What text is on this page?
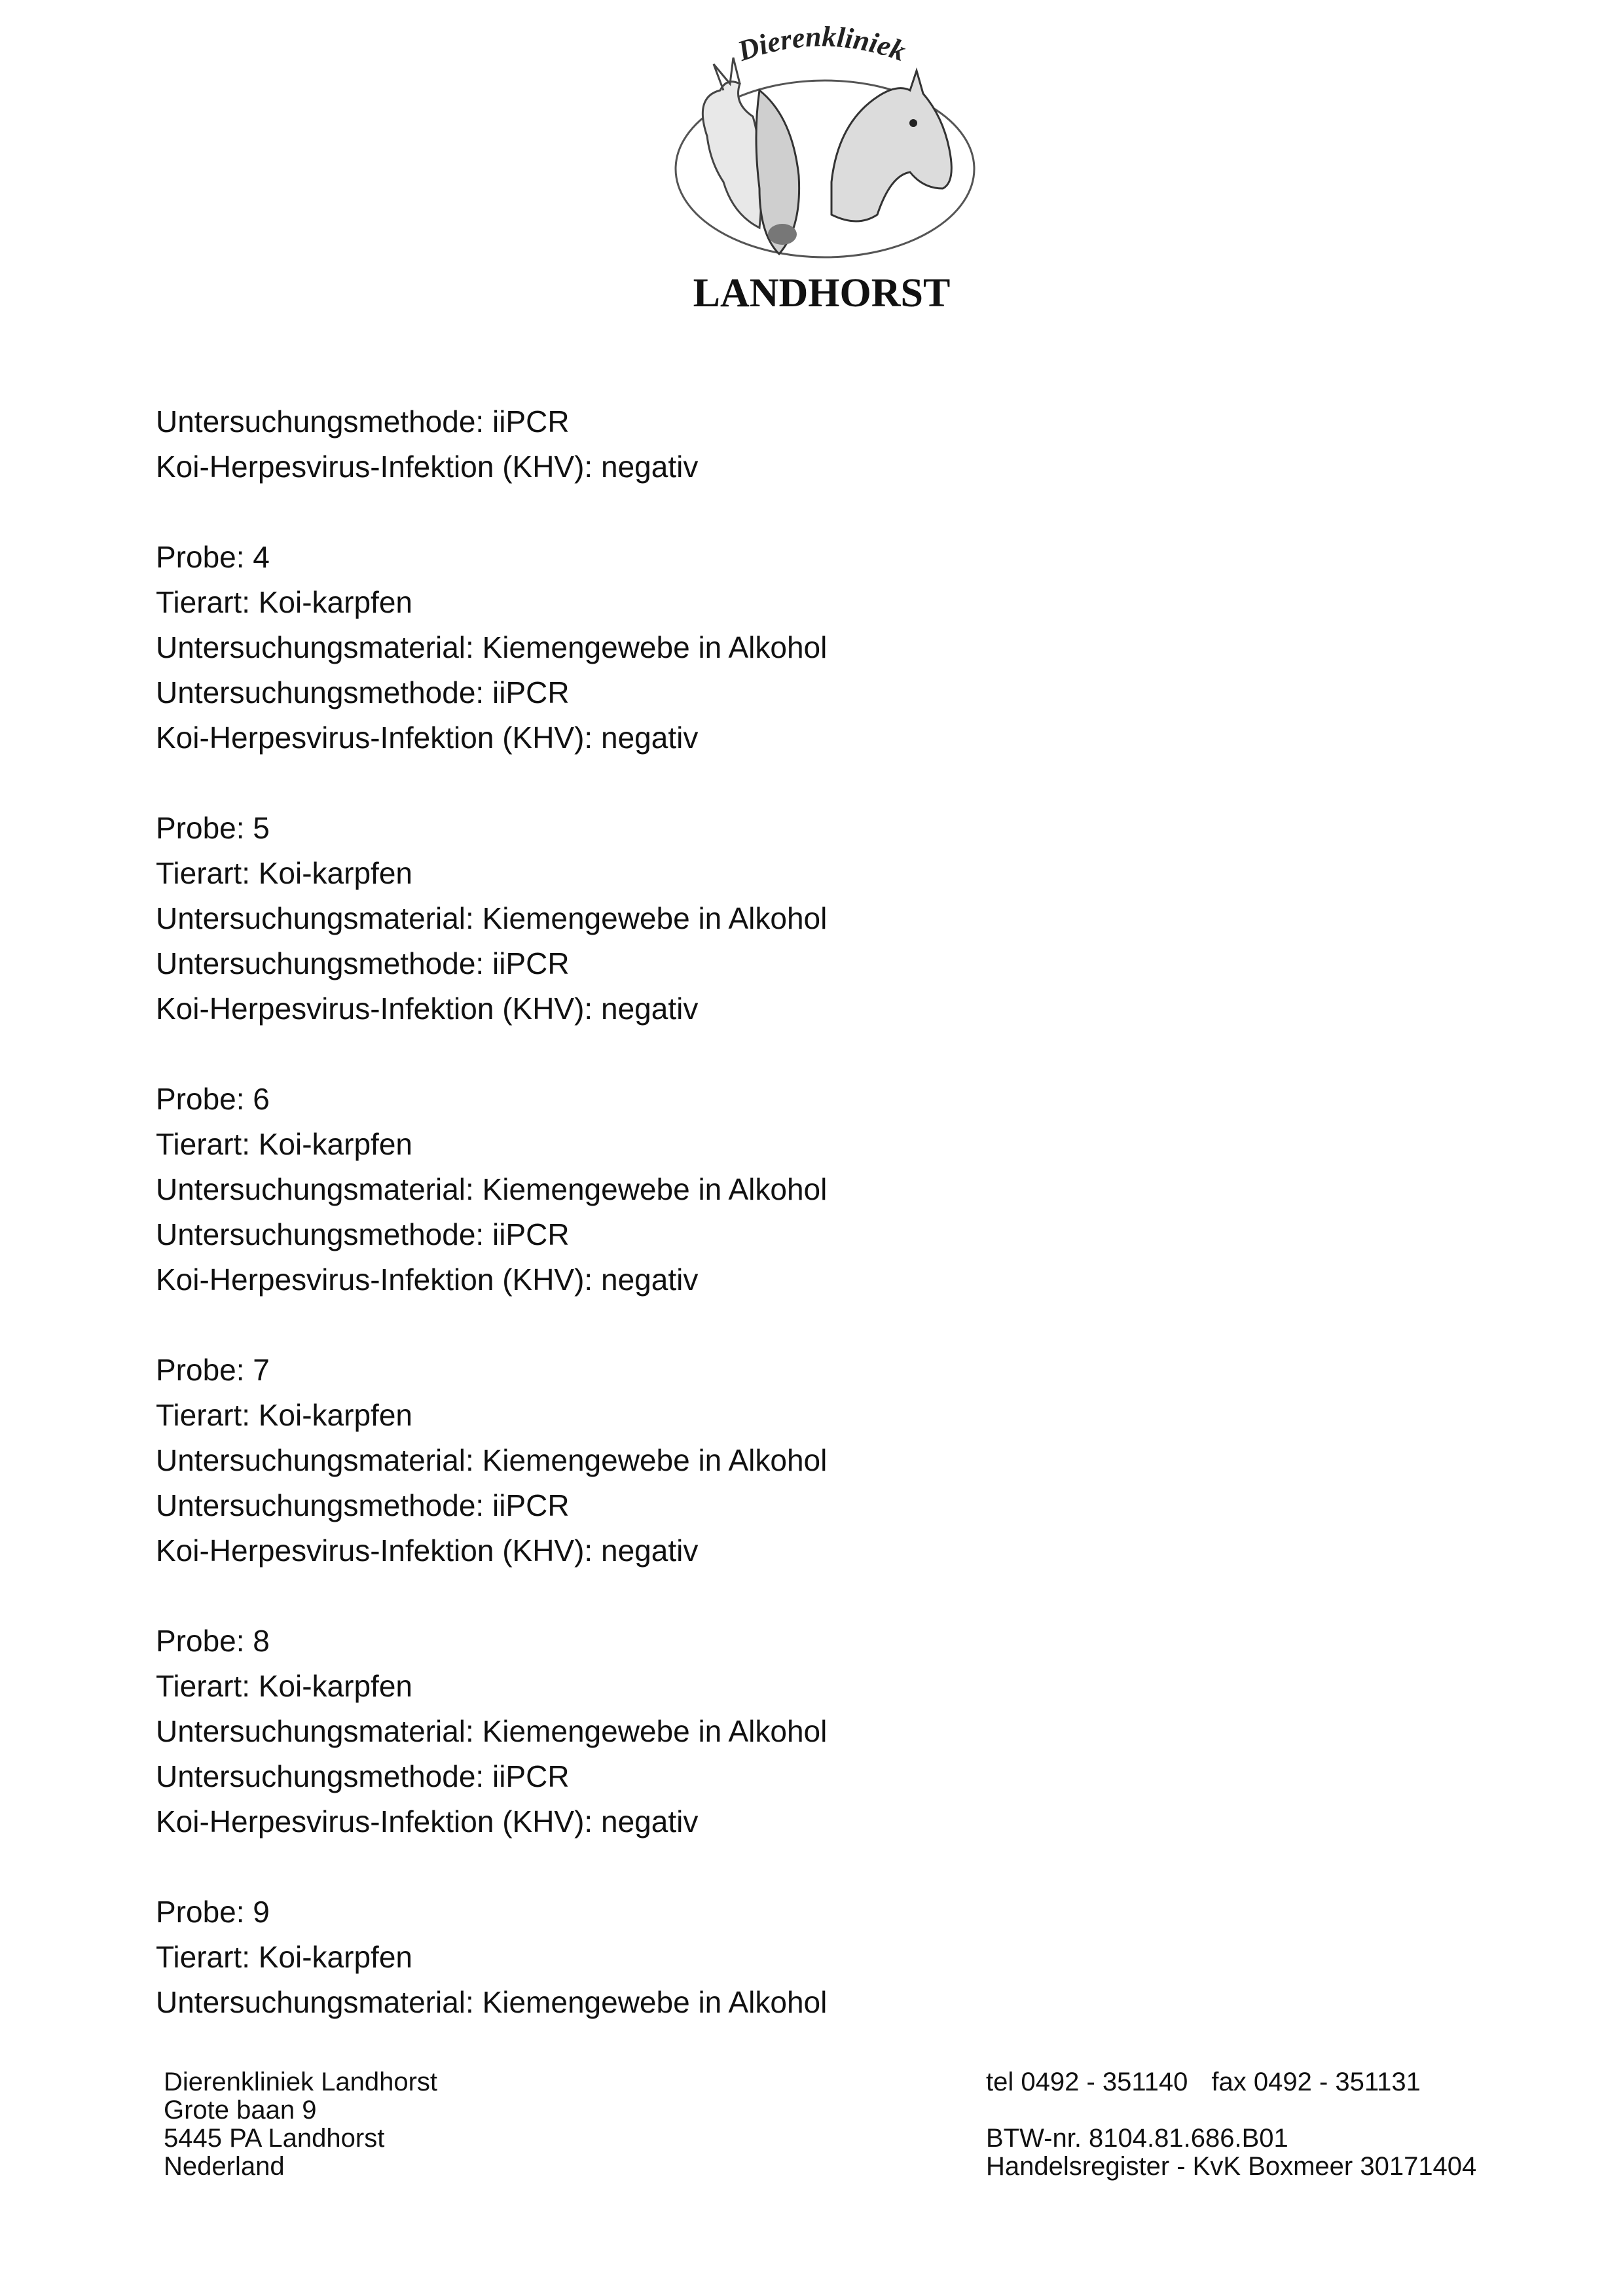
Dierenkliniek
LANDHORST
Untersuchungsmethode: iiPCR
Koi-Herpesvirus-Infektion (KHV): negativ
Probe: 4
Tierart: Koi-karpfen
Untersuchungsmaterial: Kiemengewebe in Alkohol
Untersuchungsmethode: iiPCR
Koi-Herpesvirus-Infektion (KHV): negativ
Probe: 5
Tierart: Koi-karpfen
Untersuchungsmaterial: Kiemengewebe in Alkohol
Untersuchungsmethode: iiPCR
Koi-Herpesvirus-Infektion (KHV): negativ
Probe: 6
Tierart: Koi-karpfen
Untersuchungsmaterial: Kiemengewebe in Alkohol
Untersuchungsmethode: iiPCR
Koi-Herpesvirus-Infektion (KHV): negativ
Probe: 7
Tierart: Koi-karpfen
Untersuchungsmaterial: Kiemengewebe in Alkohol
Untersuchungsmethode: iiPCR
Koi-Herpesvirus-Infektion (KHV): negativ
Probe: 8
Tierart: Koi-karpfen
Untersuchungsmaterial: Kiemengewebe in Alkohol
Untersuchungsmethode: iiPCR
Koi-Herpesvirus-Infektion (KHV): negativ
Probe: 9
Tierart: Koi-karpfen
Untersuchungsmaterial: Kiemengewebe in Alkohol
Dierenkliniek Landhorst
Grote baan 9
5445 PA Landhorst
Nederland
tel 0492 - 351140 fax 0492 - 351131
BTW-nr. 8104.81.686.B01
Handelsregister - KvK Boxmeer 30171404
